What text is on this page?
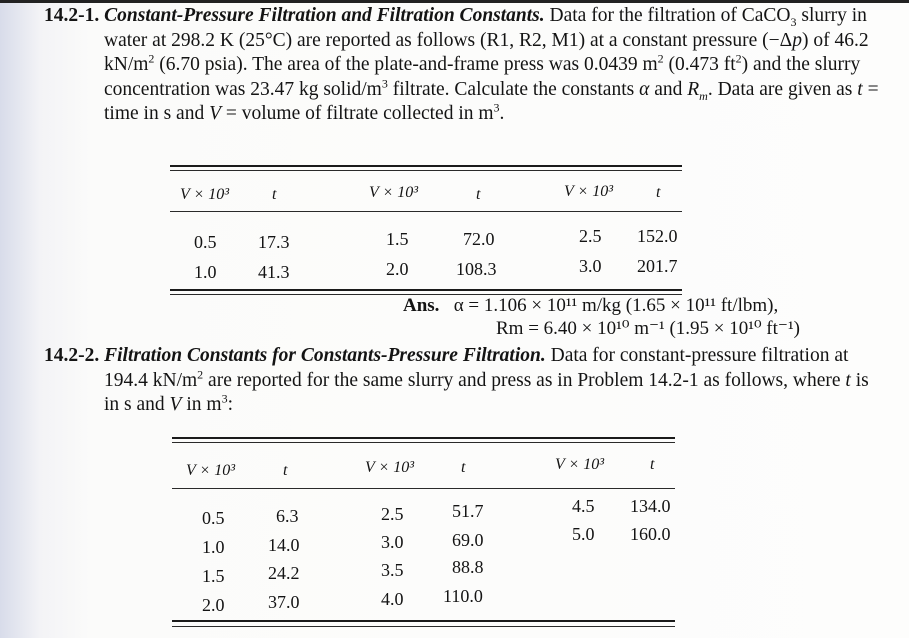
14.2-1. Constant-Pressure Filtration and Filtration Constants. Data for the filtration of CaCO$_3$ slurry in water at 298.2 K (25°C) are reported as follows (R1, R2, M1) at a constant pressure (−Δp) of 46.2 $kN/m^2$ (6.70 psia). The area of the plate-and-frame press was 0.0439 $m^2$ (0.473 $ft^2$) and the slurry concentration was 23.47 kg solid/$m^3$ filtrate. Calculate the constants α and $R_m$. Data are given as t = time in s and V = volume of filtrate collected in $m^3$.

V × 10³	t	V × 10³	t	V × 10³	t
0.5 17.3	1.5	72.0	2.5 152.0
1.0 41.3	2.0	108.3	3.0 201.7
Ans. α = 1.106 × 10¹¹ m/kg (1.65 × 10¹¹ ft/lbm),
Rm = 6.40 × 10¹⁰ m⁻¹ (1.95 × 10¹⁰ ft⁻¹)

14.2-2. Filtration Constants for Constants-Pressure Filtration. Data for constant-pressure filtration at 194.4 $kN/m^2$ are reported for the same slurry and press as in Problem 14.2-1 as follows, where t is in s and V in $m^3$:

V × 10³	t	V × 10³	t	V × 10³	t
0.5	6.3	2.5	51.7	4.5 134.0
1.0 14.0	3.0	69.0	5.0 160.0
1.5 24.2	3.5	88.8
2.0 37.0	4.0 110.0
